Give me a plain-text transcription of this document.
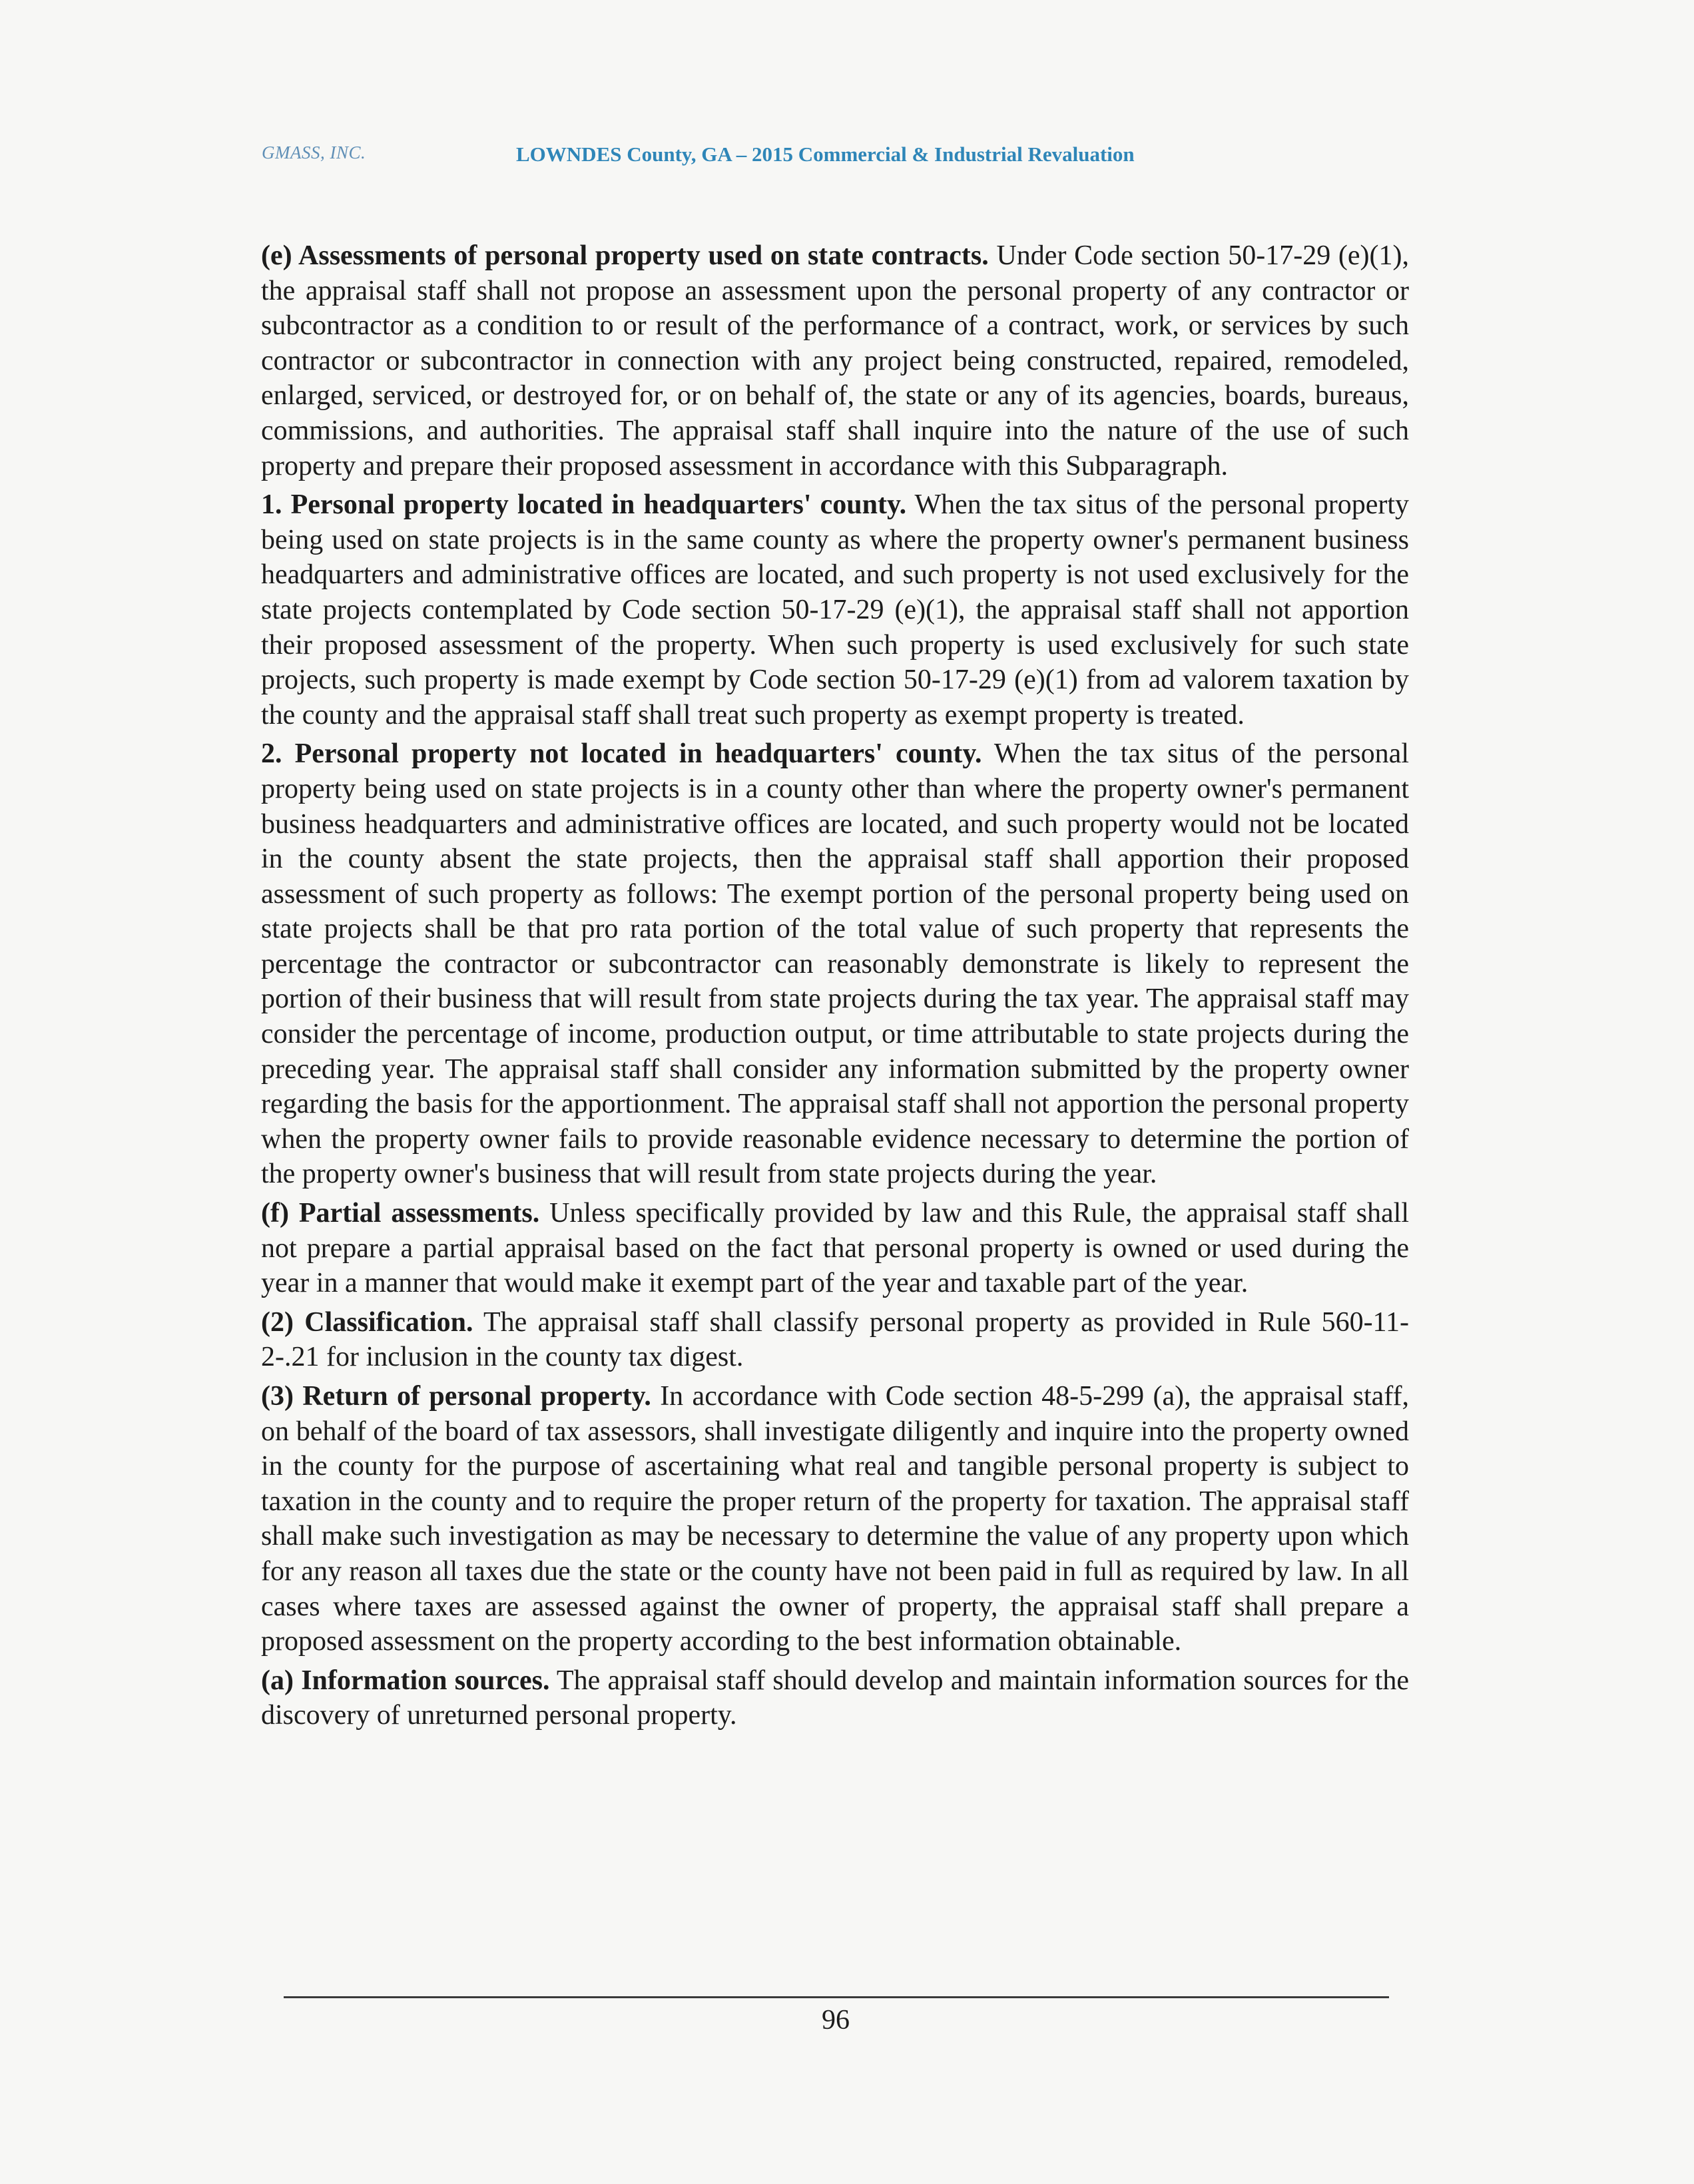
GMASS, INC.	LOWNDES County, GA – 2015 Commercial & Industrial Revaluation

(e) Assessments of personal property used on state contracts. Under Code section 50-17-29 (e)(1), the appraisal staff shall not propose an assessment upon the personal property of any contractor or subcontractor as a condition to or result of the performance of a contract, work, or services by such contractor or subcontractor in connection with any project being constructed, repaired, remodeled, enlarged, serviced, or destroyed for, or on behalf of, the state or any of its agencies, boards, bureaus, commissions, and authorities. The appraisal staff shall inquire into the nature of the use of such property and prepare their proposed assessment in accordance with this Subparagraph.

1. Personal property located in headquarters' county. When the tax situs of the personal property being used on state projects is in the same county as where the property owner's permanent business headquarters and administrative offices are located, and such property is not used exclusively for the state projects contemplated by Code section 50-17-29 (e)(1), the appraisal staff shall not apportion their proposed assessment of the property. When such property is used exclusively for such state projects, such property is made exempt by Code section 50-17-29 (e)(1) from ad valorem taxation by the county and the appraisal staff shall treat such property as exempt property is treated.

2. Personal property not located in headquarters' county. When the tax situs of the personal property being used on state projects is in a county other than where the property owner's permanent business headquarters and administrative offices are located, and such property would not be located in the county absent the state projects, then the appraisal staff shall apportion their proposed assessment of such property as follows: The exempt portion of the personal property being used on state projects shall be that pro rata portion of the total value of such property that represents the percentage the contractor or subcontractor can reasonably demonstrate is likely to represent the portion of their business that will result from state projects during the tax year. The appraisal staff may consider the percentage of income, production output, or time attributable to state projects during the preceding year. The appraisal staff shall consider any information submitted by the property owner regarding the basis for the apportionment. The appraisal staff shall not apportion the personal property when the property owner fails to provide reasonable evidence necessary to determine the portion of the property owner's business that will result from state projects during the year.

(f) Partial assessments. Unless specifically provided by law and this Rule, the appraisal staff shall not prepare a partial appraisal based on the fact that personal property is owned or used during the year in a manner that would make it exempt part of the year and taxable part of the year.

(2) Classification. The appraisal staff shall classify personal property as provided in Rule 560-11-2-.21 for inclusion in the county tax digest.

(3) Return of personal property. In accordance with Code section 48-5-299 (a), the appraisal staff, on behalf of the board of tax assessors, shall investigate diligently and inquire into the property owned in the county for the purpose of ascertaining what real and tangible personal property is subject to taxation in the county and to require the proper return of the property for taxation. The appraisal staff shall make such investigation as may be necessary to determine the value of any property upon which for any reason all taxes due the state or the county have not been paid in full as required by law. In all cases where taxes are assessed against the owner of property, the appraisal staff shall prepare a proposed assessment on the property according to the best information obtainable.

(a) Information sources. The appraisal staff should develop and maintain information sources for the discovery of unreturned personal property.

96
